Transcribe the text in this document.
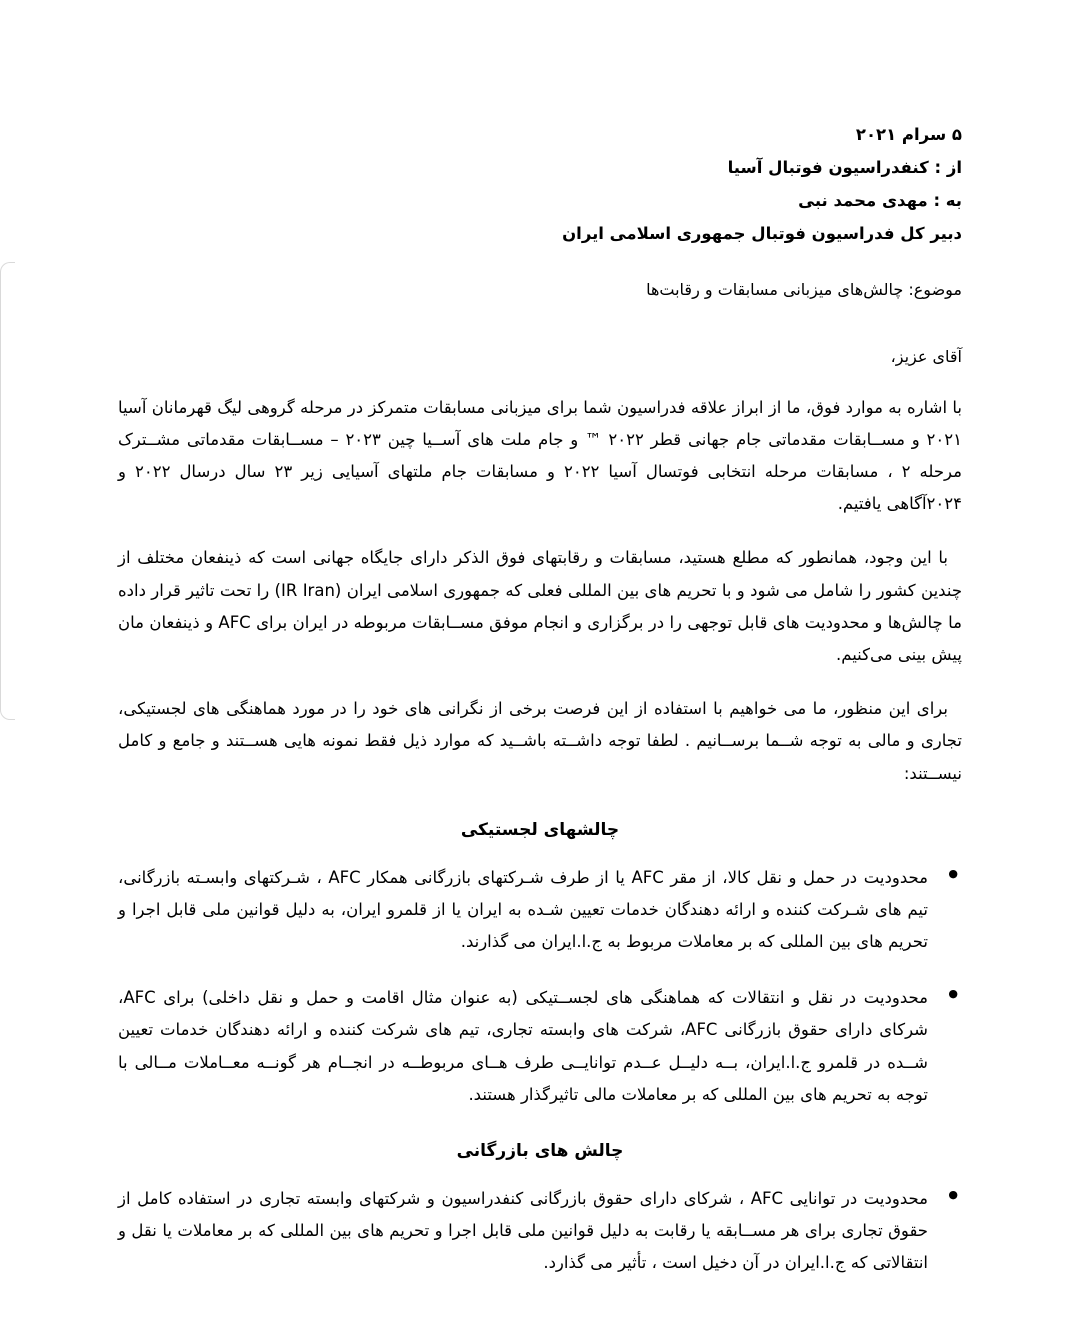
۵ سرام ۲۰۲۱
از : کنفدراسیون فوتبال آسیا
به : مهدی محمد نبی
دبیر کل فدراسیون فوتبال جمهوری اسلامی ایران
موضوع: چالش‌های میزبانی مسابقات و رقابت‌ها
آقای عزیز،

با اشاره به موارد فوق، ما از ابراز علاقه فدراسیون شما برای میزبانی مسابقات متمرکز در مرحله گروهی لیگ قهرمانان آسیا ۲۰۲۱ و مســابقات مقدماتی جام جهانی قطر ۲۰۲۲ ™ و جام ملت های آســیا چین ۲۰۲۳ – مســابقات مقدماتی مشــترک مرحله ۲ ، مسابقات مرحله انتخابی فوتسال آسیا ۲۰۲۲ و مسابقات جام ملتهای آسیایی زیر ۲۳ سال درسال ۲۰۲۲ و ۲۰۲۴آگاهی یافتیم.

با این وجود، همانطور که مطلع هستید، مسابقات و رقابتهای فوق الذکر دارای جایگاه جهانی است که ذینفعان مختلف از چندین کشور را شامل می شود و با تحریم های بین المللی فعلی که جمهوری اسلامی ایران (IR Iran) را تحت تاثیر قرار داده ما چالش‌ها و محدودیت های قابل توجهی را در برگزاری و انجام موفق مســابقات مربوطه در ایران برای AFC و ذینفعان مان پیش بینی می‌کنیم.

برای این منظور، ما می خواهیم با استفاده از این فرصت برخی از نگرانی های خود را در مورد هماهنگی های لجستیکی، تجاری و مالی به توجه شــما برســانیم . لطفا توجه داشــته باشــید که موارد ذیل فقط نمونه هایی هســتند و جامع و کامل نیســتند:

چالشهای لجستیکی
● محدودیت در حمل و نقل کالا، از مقر AFC یا از طرف شـرکتهای بازرگانی همکار AFC ، شـرکتهای وابسـته بازرگانی، تیم های شـرکت کننده و ارائه دهندگان خدمات تعیین شـده به ایران یا از قلمرو ایران، به دلیل قوانین ملی قابل اجرا و تحریم های بین المللی که بر معاملات مربوط به ج.ا.ایران می گذارند.
● محدودیت در نقل و انتقالات که هماهنگی های لجســتیکی (به عنوان مثال اقامت و حمل و نقل داخلی) برای AFC، شرکای دارای حقوق بازرگانی AFC، شرکت های وابسته تجاری، تیم های شرکت کننده و ارائه دهندگان خدمات تعیین شــده در قلمرو ج.ا.ایران، بــه دلیــل عــدم توانایــی طرف هــای مربوطــه در انجــام هر گونــه معــاملات مــالی با توجه به تحریم های بین المللی که بر معاملات مالی تاثیرگذار هستند.
چالش های بازرگانی
● محدودیت در توانایی AFC ، شرکای دارای حقوق بازرگانی کنفدراسیون و شرکتهای وابسته تجاری در استفاده کامل از حقوق تجاری برای هر مســابقه یا رقابت به دلیل قوانین ملی قابل اجرا و تحریم های بین المللی که بر معاملات یا نقل و انتقالاتی که ج.ا.ایران در آن دخیل است ، تأثیر می گذارد.
